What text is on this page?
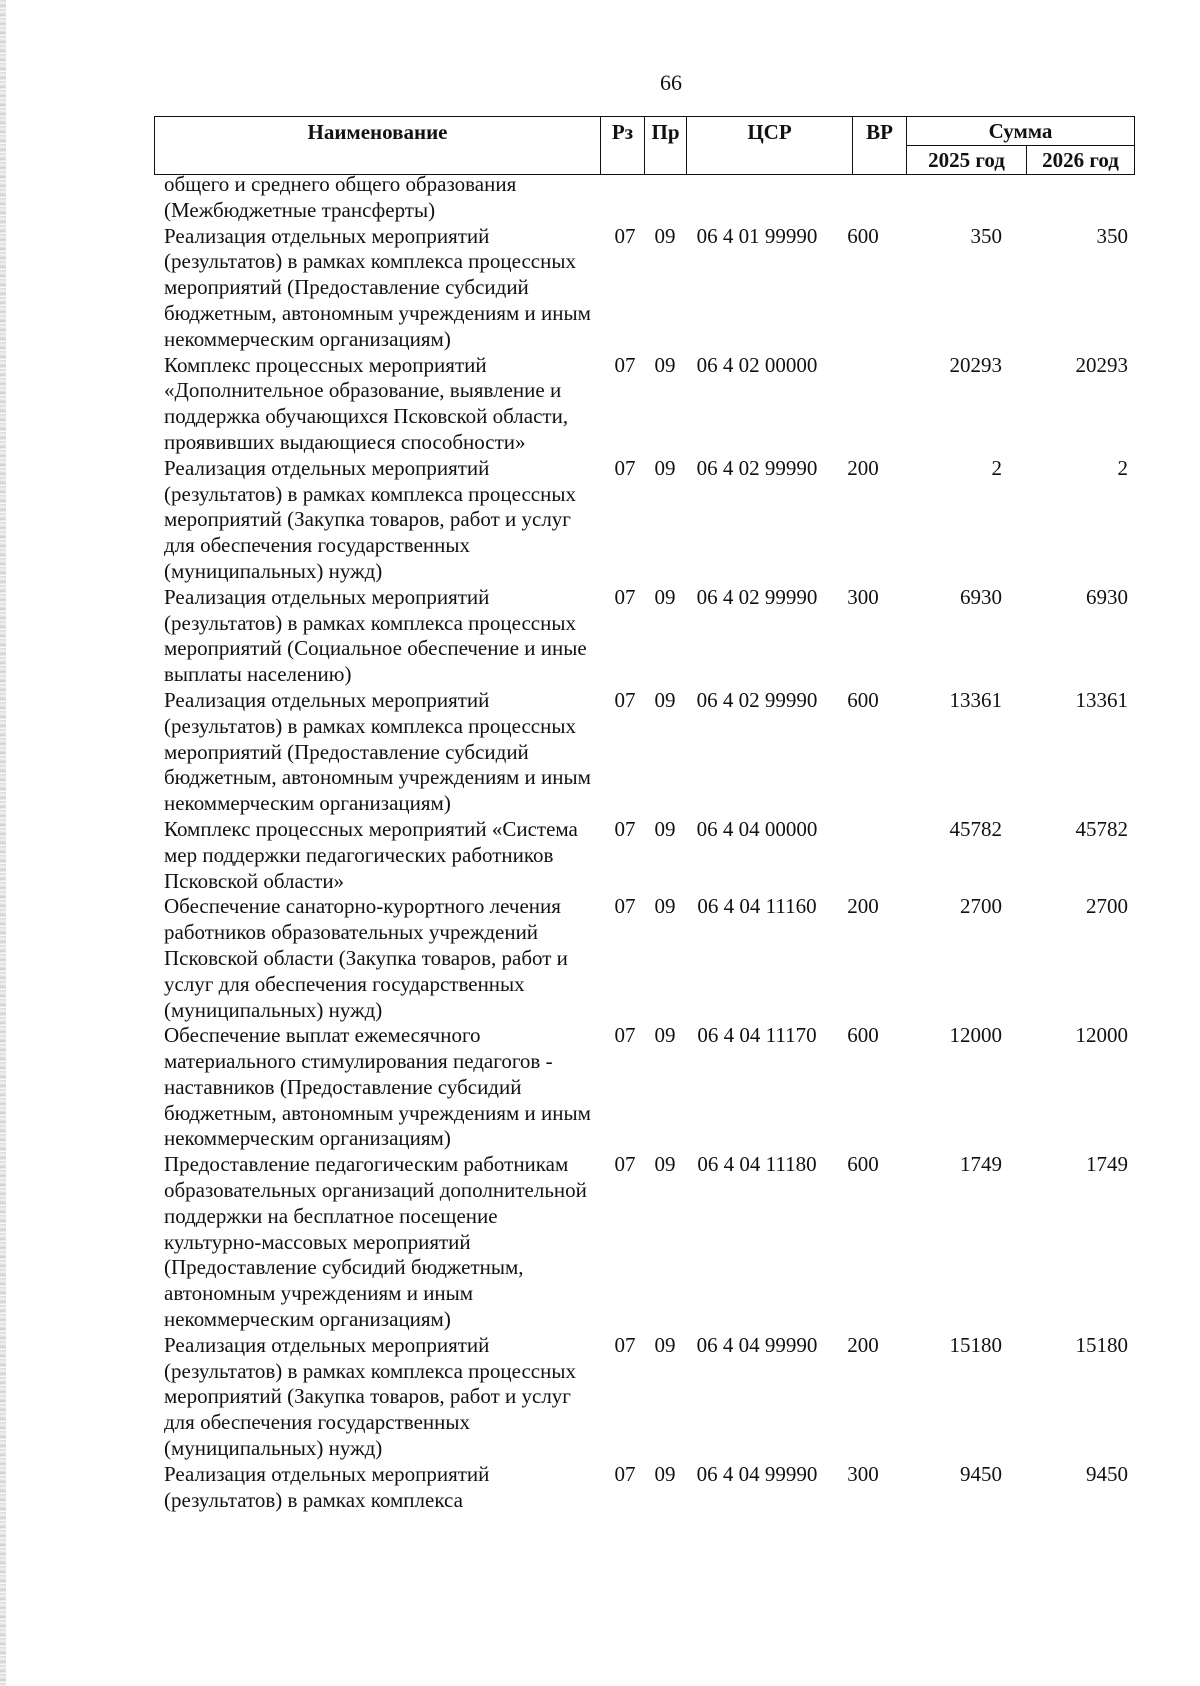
66
Наименование	Рз	Пр	ЦСР	ВР	Сумма	
					2025 год	2026 год
общего и среднего общего образования (Межбюджетные трансферты)						
Реализация отдельных мероприятий (результатов) в рамках комплекса процессных мероприятий (Предоставление субсидий бюджетным, автономным учреждениям и иным некоммерческим организациям)	07	09	06 4 01 99990	600	350	350
Комплекс процессных мероприятий «Дополнительное образование, выявление и поддержка обучающихся Псковской области, проявивших выдающиеся способности»	07	09	06 4 02 00000		20293	20293
Реализация отдельных мероприятий (результатов) в рамках комплекса процессных мероприятий (Закупка товаров, работ и услуг для обеспечения государственных (муниципальных) нужд)	07	09	06 4 02 99990	200	2	2
Реализация отдельных мероприятий (результатов) в рамках комплекса процессных мероприятий (Социальное обеспечение и иные выплаты населению)	07	09	06 4 02 99990	300	6930	6930
Реализация отдельных мероприятий (результатов) в рамках комплекса процессных мероприятий (Предоставление субсидий бюджетным, автономным учреждениям и иным некоммерческим организациям)	07	09	06 4 02 99990	600	13361	13361
Комплекс процессных мероприятий «Система мер поддержки педагогических работников Псковской области»	07	09	06 4 04 00000		45782	45782
Обеспечение санаторно-курортного лечения работников образовательных учреждений Псковской области (Закупка товаров, работ и услуг для обеспечения государственных (муниципальных) нужд)	07	09	06 4 04 11160	200	2700	2700
Обеспечение выплат ежемесячного материального стимулирования педагогов - наставников (Предоставление субсидий бюджетным, автономным учреждениям и иным некоммерческим организациям)	07	09	06 4 04 11170	600	12000	12000
Предоставление педагогическим работникам образовательных организаций дополнительной поддержки на бесплатное посещение культурно-массовых мероприятий (Предоставление субсидий бюджетным, автономным учреждениям и иным некоммерческим организациям)	07	09	06 4 04 11180	600	1749	1749
Реализация отдельных мероприятий (результатов) в рамках комплекса процессных мероприятий (Закупка товаров, работ и услуг для обеспечения государственных (муниципальных) нужд)	07	09	06 4 04 99990	200	15180	15180
Реализация отдельных мероприятий (результатов) в рамках комплекса	07	09	06 4 04 99990	300	9450	9450
